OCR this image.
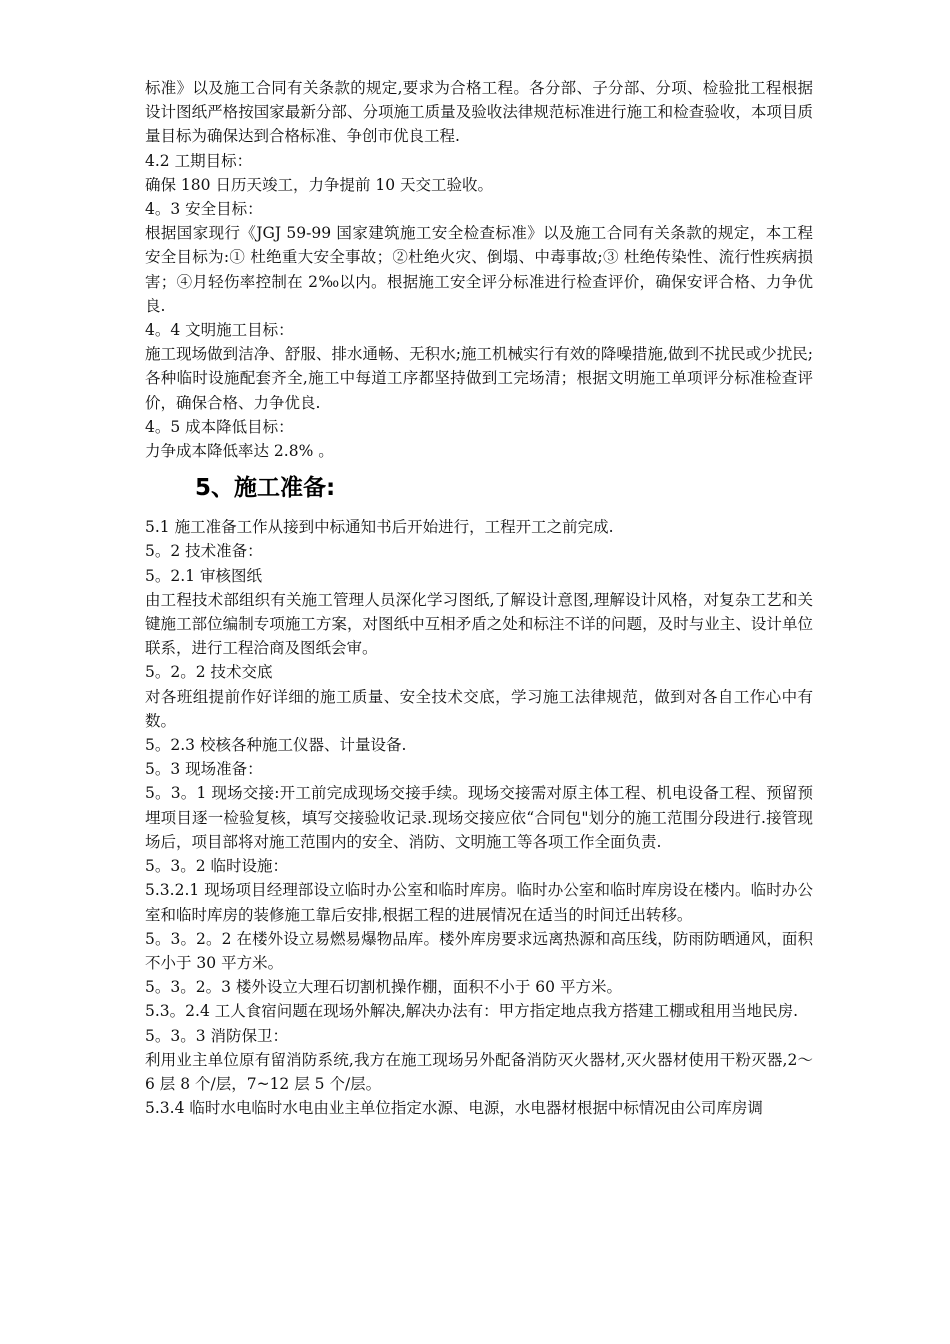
标准》以及施工合同有关条款的规定,要求为合格工程。各分部、子分部、分项、检验批工程根据设计图纸严格按国家最新分部、分项施工质量及验收法律规范标准进行施工和检查验收，本项目质量目标为确保达到合格标准、争创市优良工程.

4.2 工期目标：

确保 180 日历天竣工，力争提前 10 天交工验收。

4。3 安全目标：

根据国家现行《JGJ 59-99 国家建筑施工安全检查标准》以及施工合同有关条款的规定，本工程安全目标为:① 杜绝重大安全事故；②杜绝火灾、倒塌、中毒事故;③ 杜绝传染性、流行性疾病损害；④月轻伤率控制在 2‰以内。根据施工安全评分标准进行检查评价，确保安评合格、力争优良.

4。4 文明施工目标：

施工现场做到洁净、舒服、排水通畅、无积水;施工机械实行有效的降噪措施,做到不扰民或少扰民;各种临时设施配套齐全,施工中每道工序都坚持做到工完场清；根据文明施工单项评分标准检查评价，确保合格、力争优良.

4。5 成本降低目标：

力争成本降低率达 2.8% 。

5、施工准备:

5.1 施工准备工作从接到中标通知书后开始进行，工程开工之前完成.

5。2 技术准备：

5。2.1 审核图纸

由工程技术部组织有关施工管理人员深化学习图纸,了解设计意图,理解设计风格，对复杂工艺和关键施工部位编制专项施工方案，对图纸中互相矛盾之处和标注不详的问题，及时与业主、设计单位联系，进行工程洽商及图纸会审。

5。2。2 技术交底

对各班组提前作好详细的施工质量、安全技术交底，学习施工法律规范，做到对各自工作心中有数。

5。2.3 校核各种施工仪器、计量设备.

5。3 现场准备：

5。3。1 现场交接:开工前完成现场交接手续。现场交接需对原主体工程、机电设备工程、预留预埋项目逐一检验复核，填写交接验收记录.现场交接应依“合同包"划分的施工范围分段进行.接管现场后，项目部将对施工范围内的安全、消防、文明施工等各项工作全面负责.

5。3。2 临时设施：

5.3.2.1 现场项目经理部设立临时办公室和临时库房。临时办公室和临时库房设在楼内。临时办公室和临时库房的装修施工靠后安排,根据工程的进展情况在适当的时间迁出转移。

5。3。2。2 在楼外设立易燃易爆物品库。楼外库房要求远离热源和高压线，防雨防晒通风，面积不小于 30 平方米。

5。3。2。3 楼外设立大理石切割机操作棚，面积不小于 60 平方米。

5.3。2.4 工人食宿问题在现场外解决,解决办法有：甲方指定地点我方搭建工棚或租用当地民房.

5。3。3 消防保卫：

利用业主单位原有留消防系统,我方在施工现场另外配备消防灭火器材,灭火器材使用干粉灭器,2～6 层 8 个/层，7~12 层 5 个/层。

5.3.4 临时水电临时水电由业主单位指定水源、电源，水电器材根据中标情况由公司库房调
